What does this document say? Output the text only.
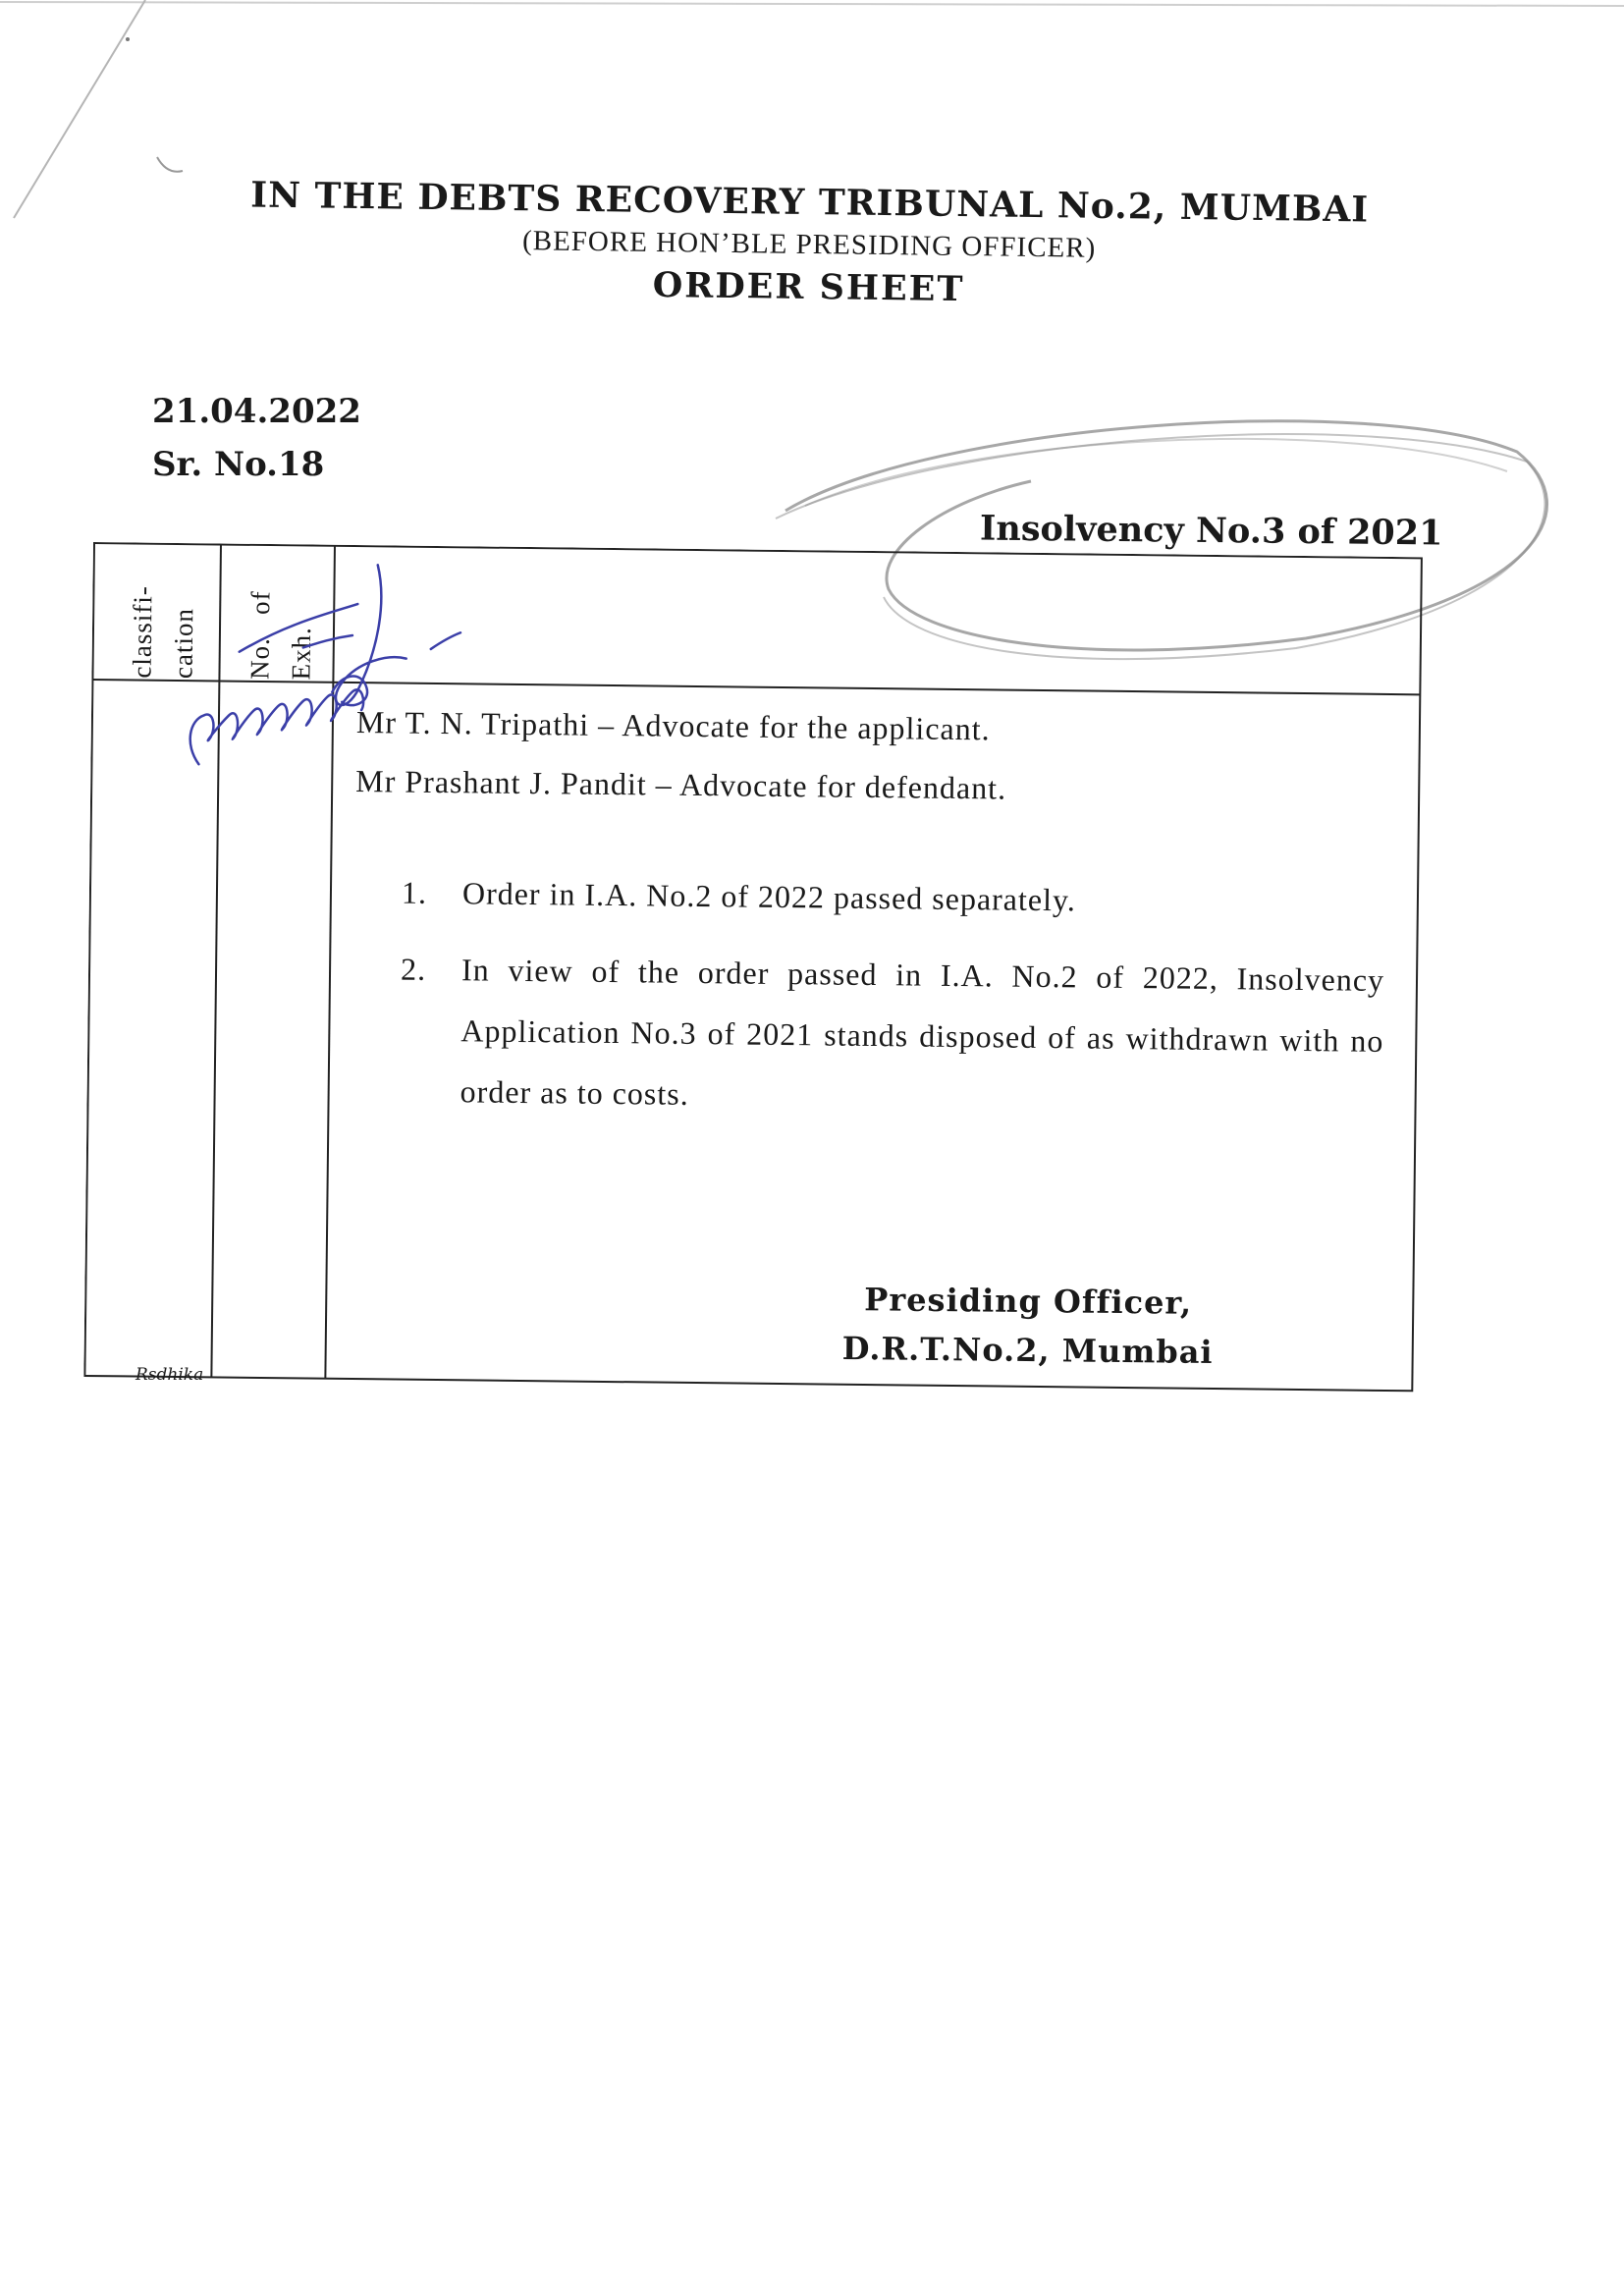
IN THE DEBTS RECOVERY TRIBUNAL No.2, MUMBAI
(BEFORE HON’BLE PRESIDING OFFICER)
ORDER SHEET
21.04.2022
Sr. No.18
Insolvency No.3 of 2021
classifi- cation No.   of Exh.

Mr T. N. Tripathi – Advocate for the applicant.

Mr Prashant J. Pandit – Advocate for defendant.

1.	Order in I.A. No.2 of 2022 passed separately.
2.	In view of the order passed in I.A. No.2 of 2022, Insolvency Application No.3 of 2021 stands disposed of as withdrawn with no order as to costs.
Presiding Officer,
D.R.T.No.2, Mumbai
Rsdhika
